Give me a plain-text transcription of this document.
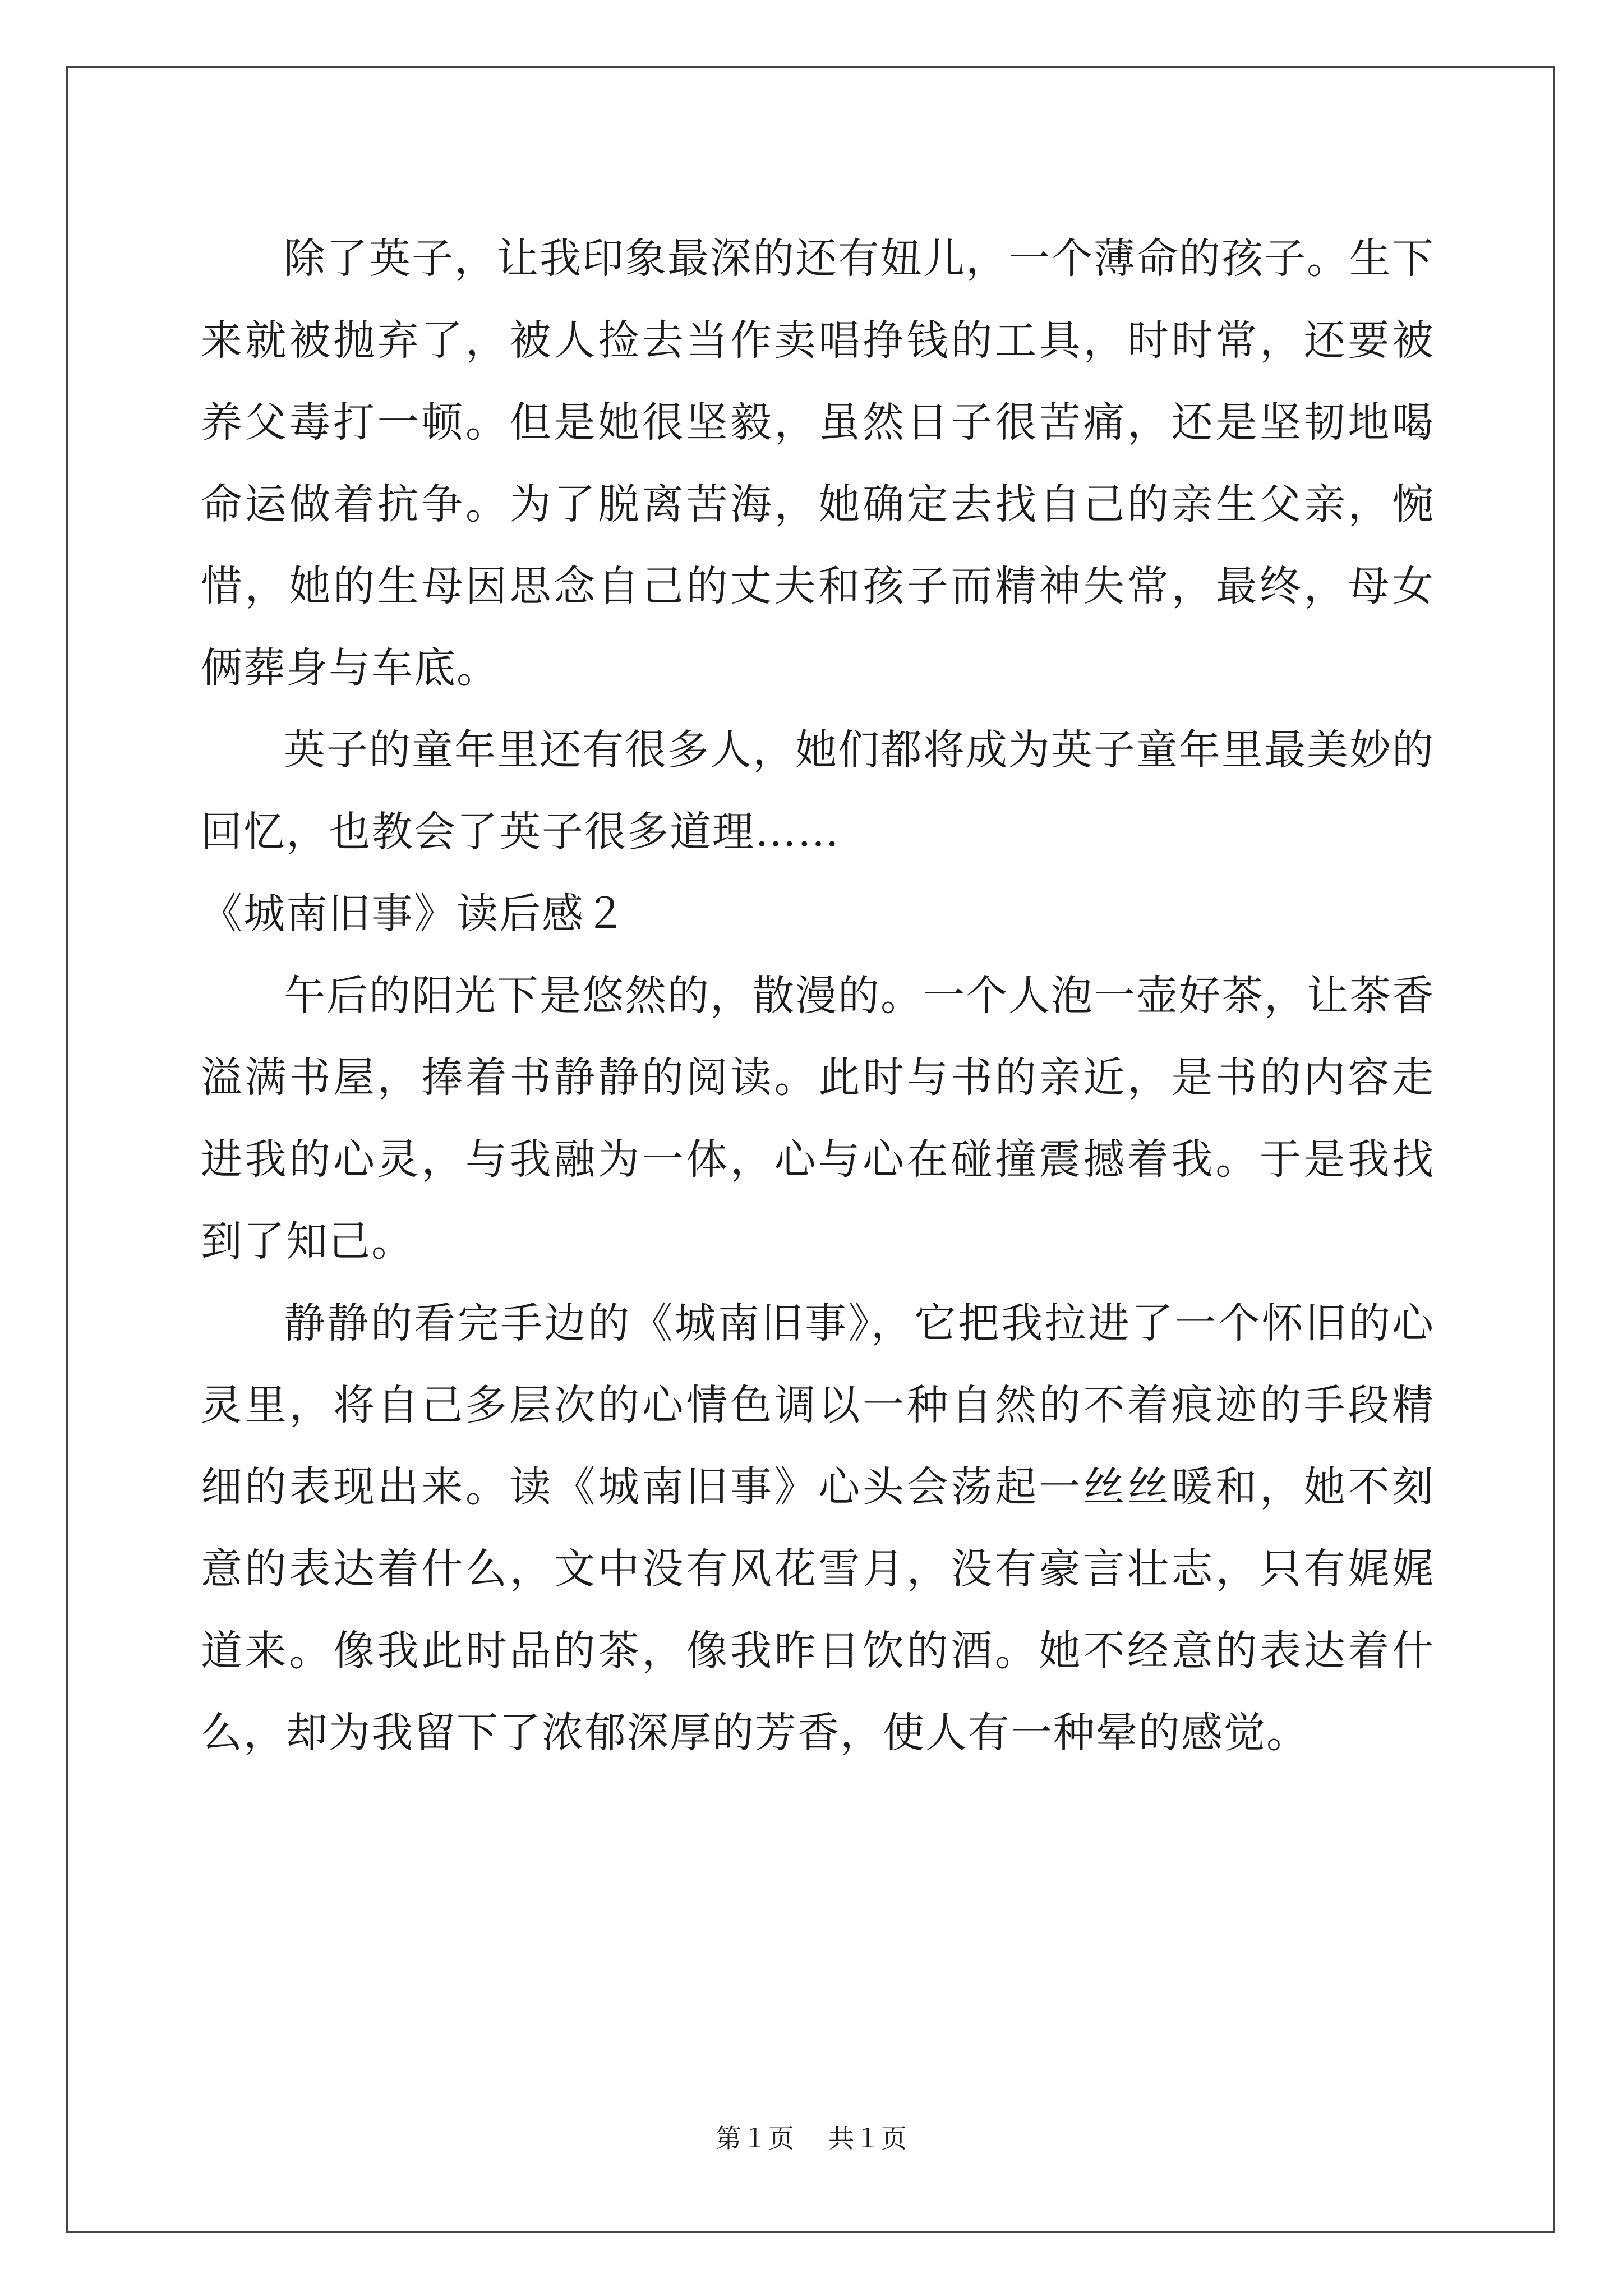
除了英子，让我印象最深的还有妞儿，一个薄命的孩子。生下来就被抛弃了，被人捡去当作卖唱挣钱的工具，时时常，还要被养父毒打一顿。但是她很坚毅，虽然日子很苦痛，还是坚韧地喝命运做着抗争。为了脱离苦海，她确定去找自己的亲生父亲，惋惜，她的生母因思念自己的丈夫和孩子而精神失常，最终，母女俩葬身与车底。

英子的童年里还有很多人，她们都将成为英子童年里最美妙的回忆，也教会了英子很多道理……

《城南旧事》读后感２

午后的阳光下是悠然的，散漫的。一个人泡一壶好茶，让茶香溢满书屋，捧着书静静的阅读。此时与书的亲近，是书的内容走进我的心灵，与我融为一体，心与心在碰撞震撼着我。于是我找到了知己。

静静的看完手边的《城南旧事》，它把我拉进了一个怀旧的心灵里，将自己多层次的心情色调以一种自然的不着痕迹的手段精细的表现出来。读《城南旧事》心头会荡起一丝丝暖和，她不刻意的表达着什么，文中没有风花雪月，没有豪言壮志，只有娓娓道来。像我此时品的茶，像我昨日饮的酒。她不经意的表达着什么，却为我留下了浓郁深厚的芳香，使人有一种晕的感觉。

第１页 共１页
